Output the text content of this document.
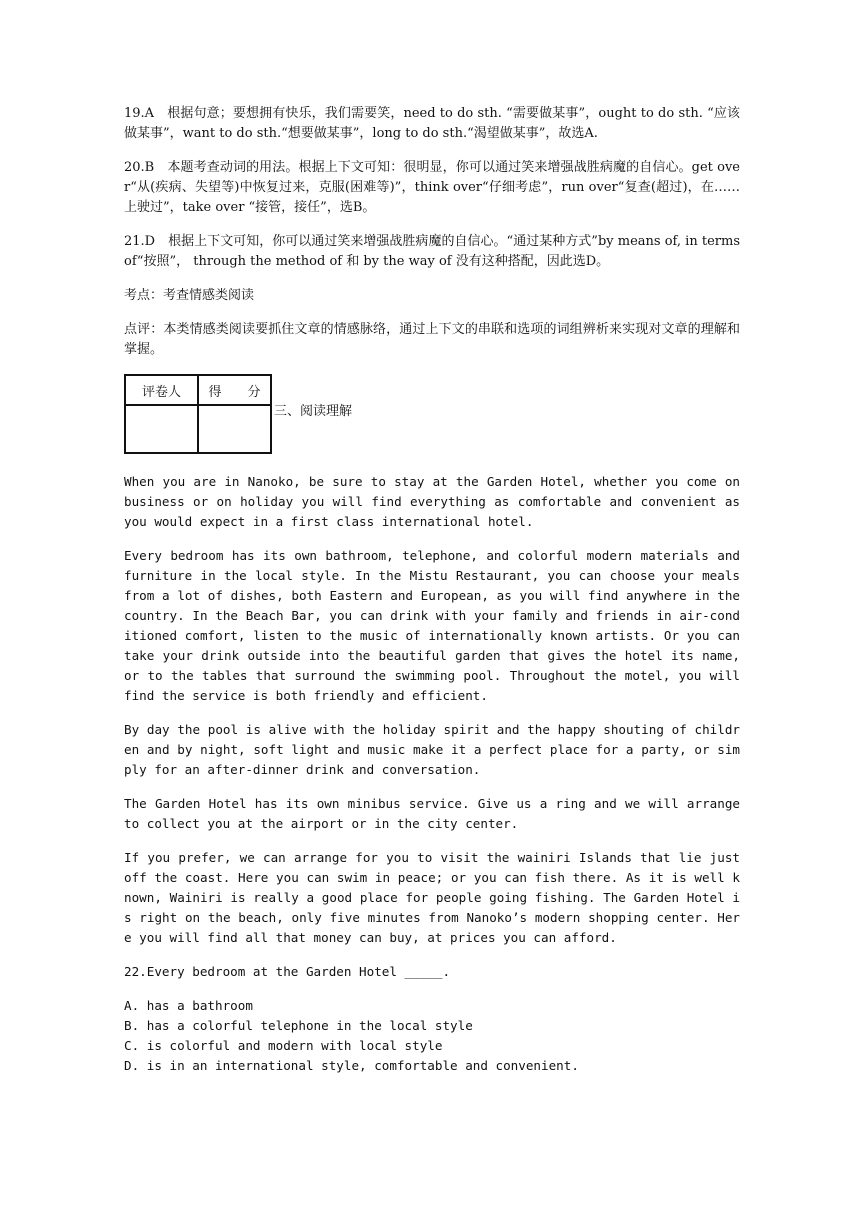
19.A　根据句意；要想拥有快乐，我们需要笑，need to do sth. “需要做某事”，ought to do sth. “应该做某事”，want to do sth.“想要做某事”，long to do sth.“渴望做某事”，故选A.

20.B　本题考查动词的用法。根据上下文可知：很明显，你可以通过笑来增强战胜病魔的自信心。get over“从(疾病、失望等)中恢复过来，克服(困难等)”，think over“仔细考虑”，run over“复查(超过)，在……上驶过”，take over “接管，接任”，选B。

21.D　根据上下文可知，你可以通过笑来增强战胜病魔的自信心。“通过某种方式”by means of, in terms of“按照”， through the method of 和 by the way of 没有这种搭配，因此选D。

考点：考查情感类阅读

点评：本类情感类阅读要抓住文章的情感脉络，通过上下文的串联和选项的词组辨析来实现对文章的理解和掌握。

评卷人	得　　分

三、阅读理解

When you are in Nanoko, be sure to stay at the Garden Hotel, whether you come on business or on holiday you will find everything as comfortable and convenient as you would expect in a first class international hotel.

Every bedroom has its own bathroom, telephone, and colorful modern materials and furniture in the local style. In the Mistu Restaurant, you can choose your meals from a lot of dishes, both Eastern and European, as you will find anywhere in the country. In the Beach Bar, you can drink with your family and friends in air-conditioned comfort, listen to the music of internationally known artists. Or you can take your drink outside into the beautiful garden that gives the hotel its name, or to the tables that surround the swimming pool. Throughout the motel, you will find the service is both friendly and efficient.

By day the pool is alive with the holiday spirit and the happy shouting of children and by night, soft light and music make it a perfect place for a party, or simply for an after-dinner drink and conversation.

The Garden Hotel has its own minibus service. Give us a ring and we will arrange to collect you at the airport or in the city center.

If you prefer, we can arrange for you to visit the wainiri Islands that lie just off the coast. Here you can swim in peace; or you can fish there. As it is well known, Wainiri is really a good place for people going fishing. The Garden Hotel is right on the beach, only five minutes from Nanoko’s modern shopping center. Here you will find all that money can buy, at prices you can afford.

22.Every bedroom at the Garden Hotel _____.

A. has a bathroom
B. has a colorful telephone in the local style
C. is colorful and modern with local style
D. is in an international style, comfortable and convenient.
